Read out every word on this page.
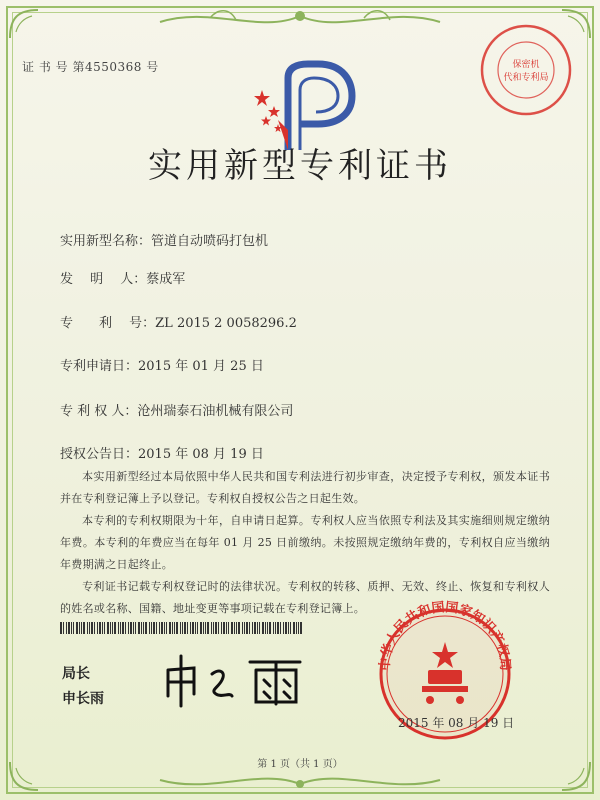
证 书 号 第4550368 号	保密机
代和专利局
实用新型专利证书
实用新型名称：管道自动喷码打包机
发　 明　 人：蔡成军
专　　利　 号：ZL 2015 2 0058296.2
专利申请日：2015 年 01 月 25 日
专 利 权 人：沧州瑞泰石油机械有限公司
授权公告日：2015 年 08 月 19 日

本实用新型经过本局依照中华人民共和国专利法进行初步审查，决定授予专利权，颁发本证书并在专利登记簿上予以登记。专利权自授权公告之日起生效。

本专利的专利权期限为十年，自申请日起算。专利权人应当依照专利法及其实施细则规定缴纳年费。本专利的年费应当在每年 01 月 25 日前缴纳。未按照规定缴纳年费的，专利权自应当缴纳年费期满之日起终止。

专利证书记载专利权登记时的法律状况。专利权的转移、质押、无效、终止、恢复和专利权人的姓名或名称、国籍、地址变更等事项记载在专利登记簿上。

局长
申长雨
中华人民共和国国家知识产权局
2015 年 08 月 19 日
第 1 页（共 1 页）
